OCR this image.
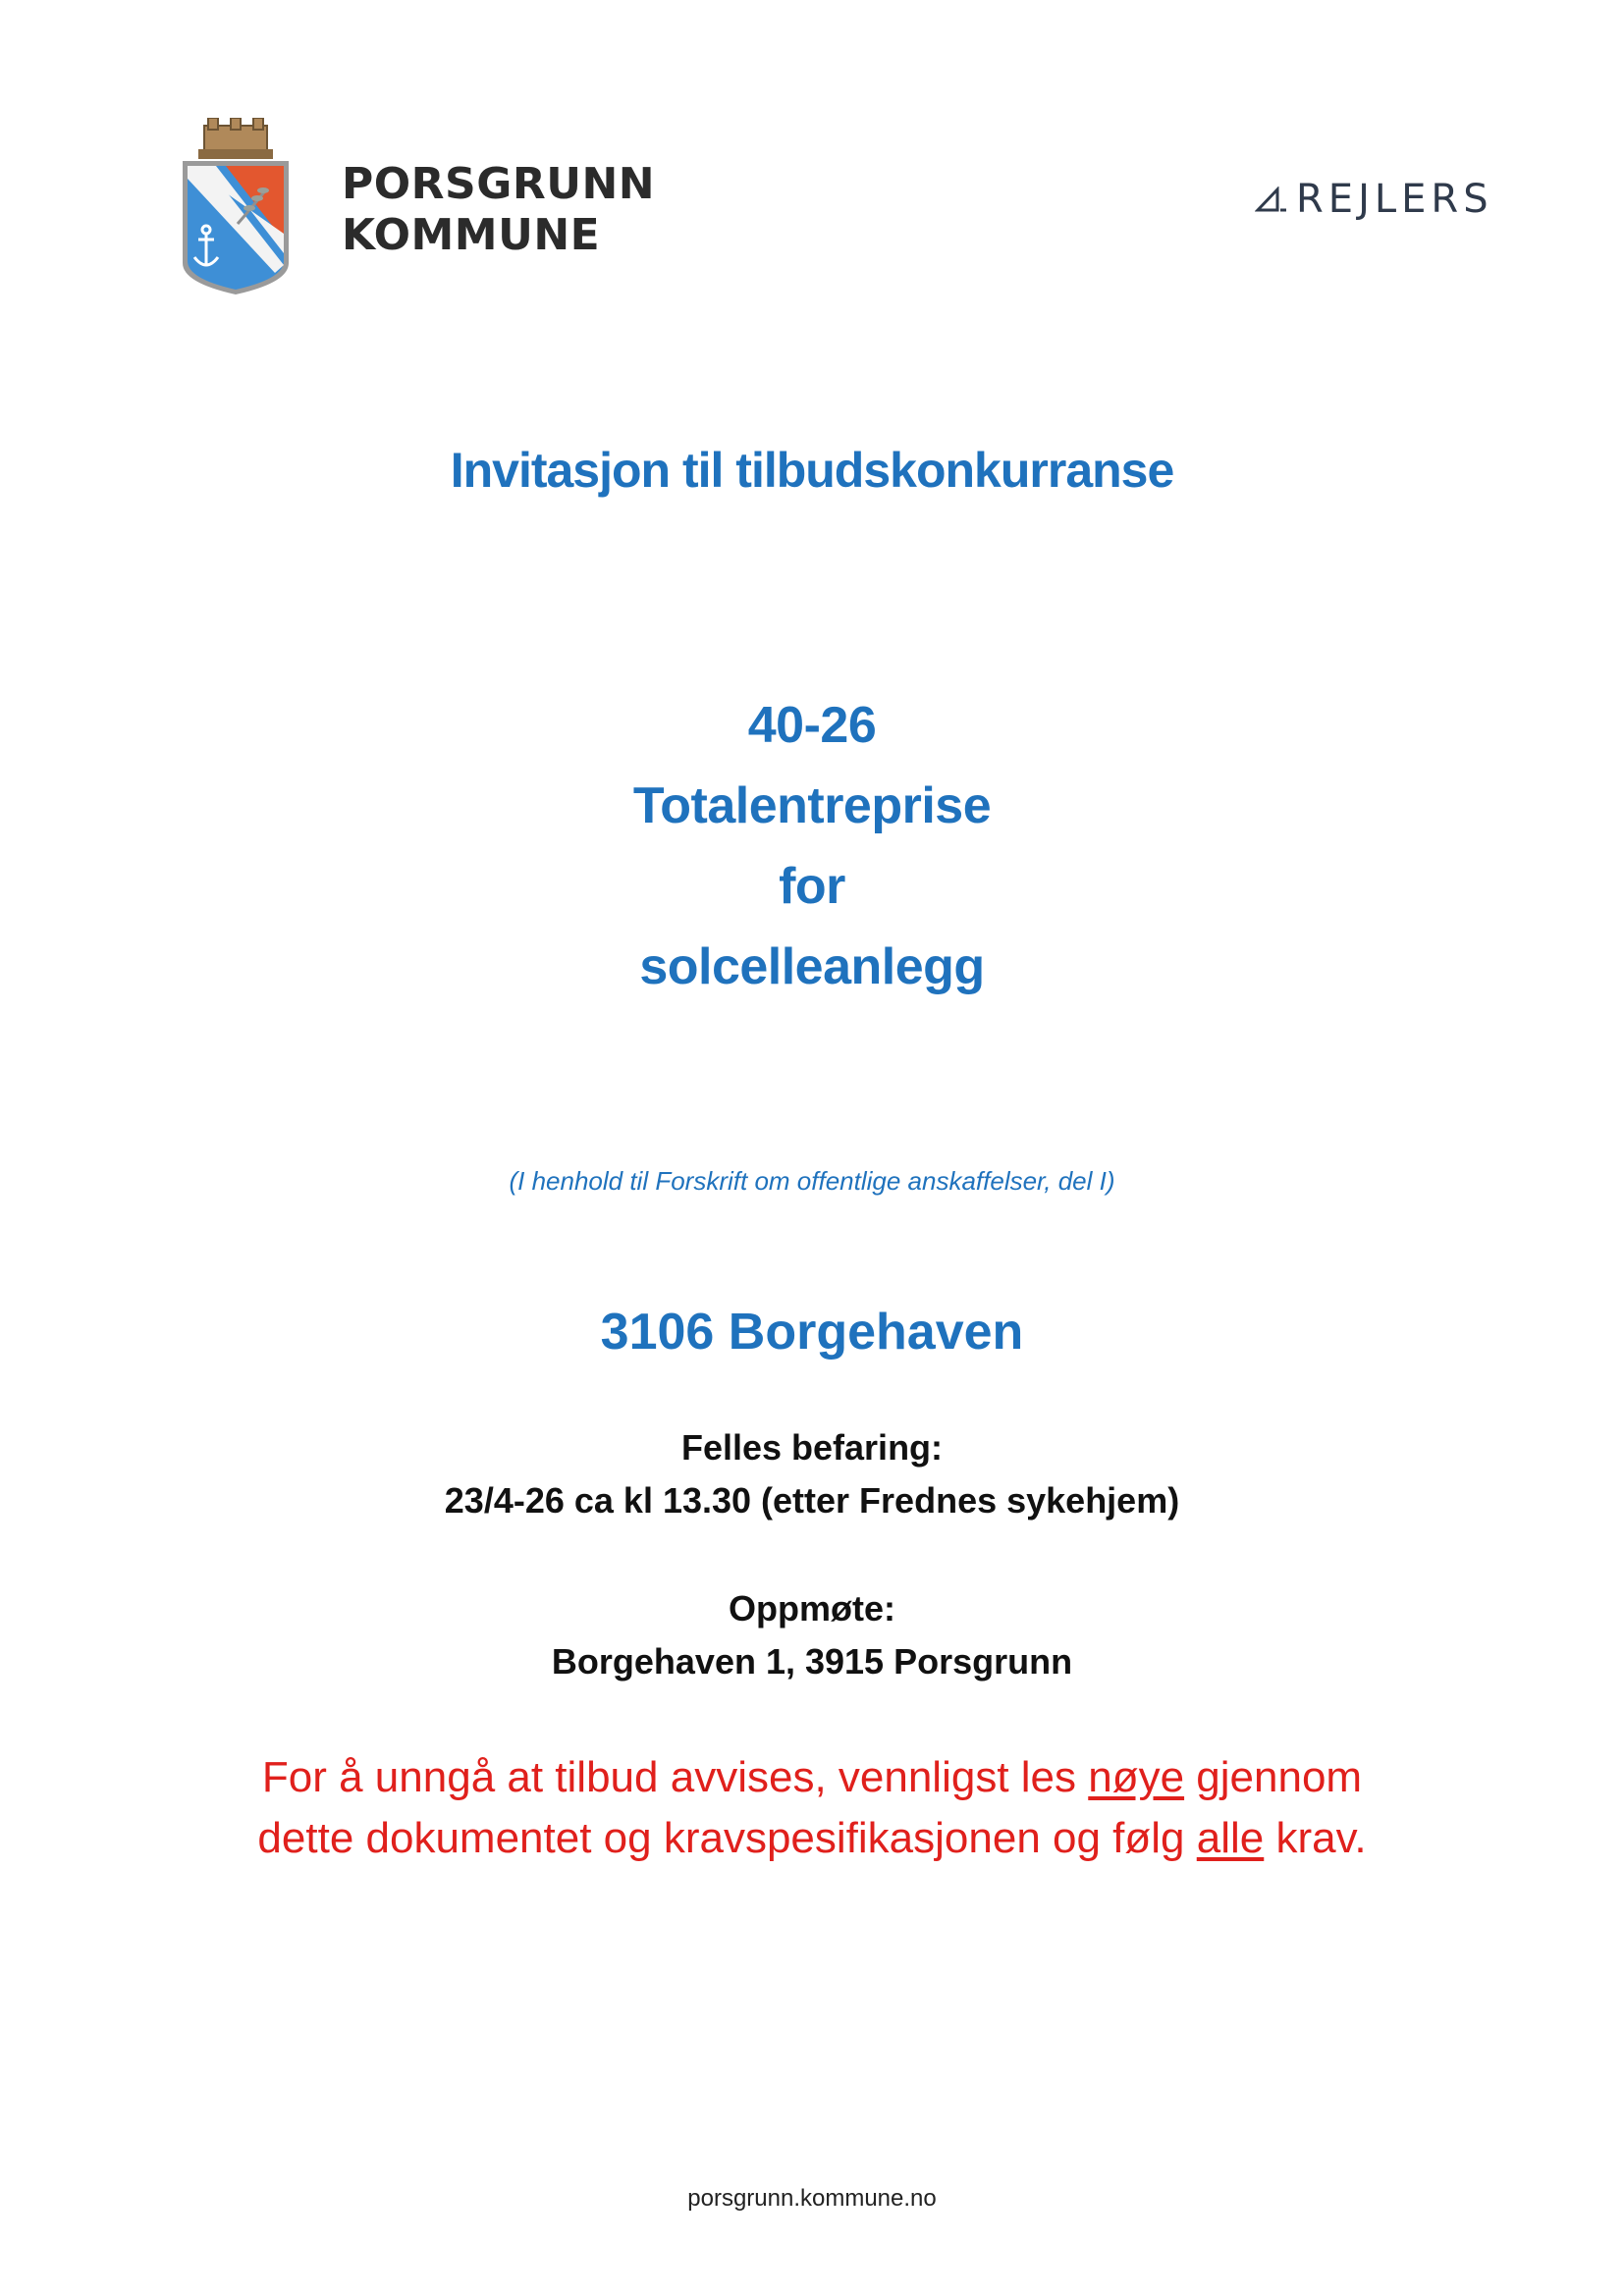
PORSGRUNN
KOMMUNE
REJLERS
Invitasjon til tilbudskonkurranse
40-26
Totalentreprise
for
solcelleanlegg
(I henhold til Forskrift om offentlige anskaffelser, del I)
3106 Borgehaven
Felles befaring:
23/4-26 ca kl 13.30 (etter Frednes sykehjem)
Oppmøte:
Borgehaven 1, 3915 Porsgrunn
For å unngå at tilbud avvises, vennligst les nøye gjennom
dette dokumentet og kravspesifikasjonen og følg alle krav.
porsgrunn.kommune.no
